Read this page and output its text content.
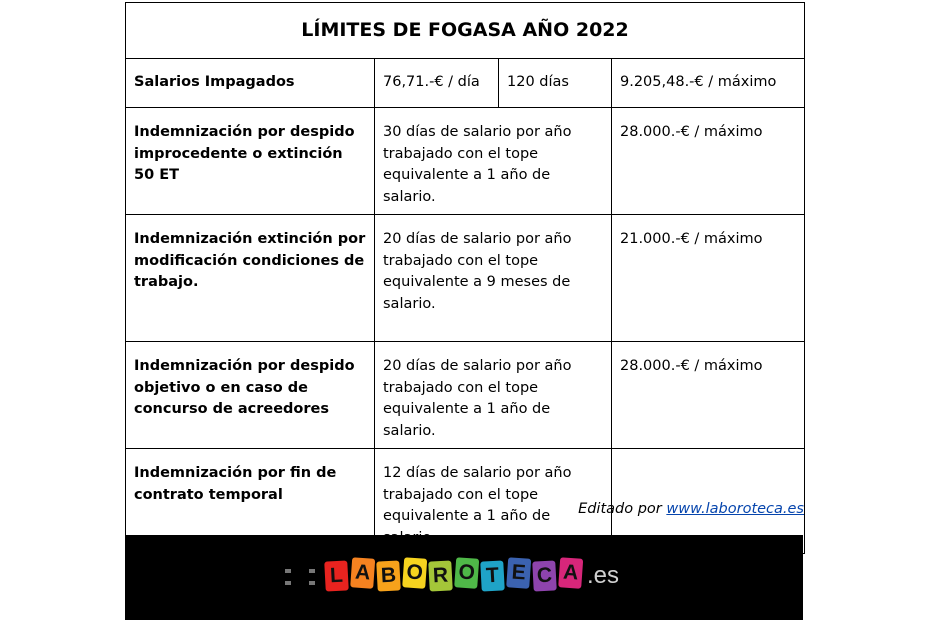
LÍMITES DE FOGASA AÑO 2022			
Salarios Impagados	76,71.-€ / día	120 días	9.205,48.-€ / máximo
Indemnización por despido improcedente o extinción 50 ET	30 días de salario por año trabajado con el tope equivalente a 1 año de salario.		28.000.-€ / máximo
Indemnización extinción por modificación condiciones de trabajo.	20 días de salario por año trabajado con el tope equivalente a 9 meses de salario.		21.000.-€ / máximo
Indemnización por despido objetivo o en caso de concurso de acreedores	20 días de salario por año trabajado con el tope equivalente a 1 año de salario.		28.000.-€ / máximo
Indemnización por fin de contrato temporal	12 días de salario por año trabajado con el tope equivalente a 1 año de			Editado por www.laboroteca.es
L A B O R O T E C A .es
